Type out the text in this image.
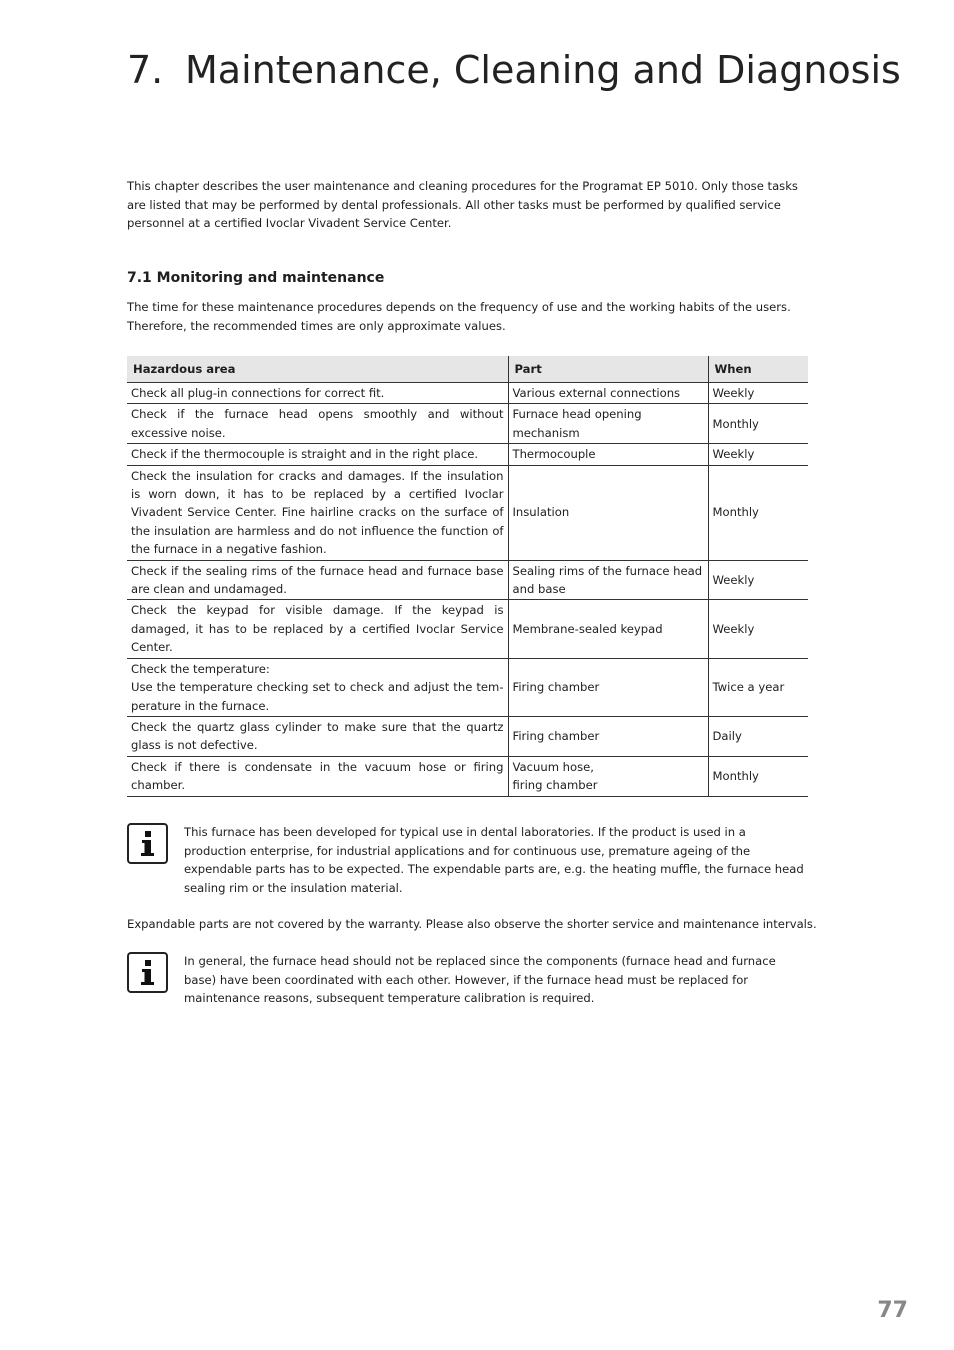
7. Maintenance, Cleaning and Diagnosis

This chapter describes the user maintenance and cleaning procedures for the Programat EP 5010. Only those tasks are listed that may be performed by dental professionals. All other tasks must be performed by qualified service personnel at a certified Ivoclar Vivadent Service Center.

7.1 Monitoring and maintenance

The time for these maintenance procedures depends on the frequency of use and the working habits of the users. Therefore, the recommended times are only approximate values.

Hazardous area	Part	When
Check all plug-in connections for correct fit.	Various external connections	Weekly
Check if the furnace head opens smoothly and without excessive noise.	Furnace head opening mechanism	Monthly
Check if the thermocouple is straight and in the right place.	Thermocouple	Weekly
Check the insulation for cracks and damages. If the insulation is worn down, it has to be replaced by a certified Ivoclar Vivadent Service Center. Fine hairline cracks on the surface of the insulation are harmless and do not influence the function of the furnace in a negative fashion.	Insulation	Monthly
Check if the sealing rims of the furnace head and furnace base are clean and undamaged.	Sealing rims of the furnace head and base	Weekly
Check the keypad for visible damage. If the keypad is damaged, it has to be replaced by a certified Ivoclar Service Center.	Membrane-sealed keypad	Weekly
Check the temperature:
Use the temperature checking set to check and adjust the tem-perature in the furnace.	Firing chamber	Twice a year
Check the quartz glass cylinder to make sure that the quartz glass is not defective.	Firing chamber	Daily
Check if there is condensate in the vacuum hose or firing chamber.	Vacuum hose,
firing chamber	Monthly

This furnace has been developed for typical use in dental laboratories. If the product is used in a production enterprise, for industrial applications and for continuous use, premature ageing of the expendable parts has to be expected. The expendable parts are, e.g. the heating muffle, the furnace head sealing rim or the insulation material.

Expandable parts are not covered by the warranty. Please also observe the shorter service and maintenance intervals.

In general, the furnace head should not be replaced since the components (furnace head and furnace base) have been coordinated with each other. However, if the furnace head must be replaced for maintenance reasons, subsequent temperature calibration is required.

77
